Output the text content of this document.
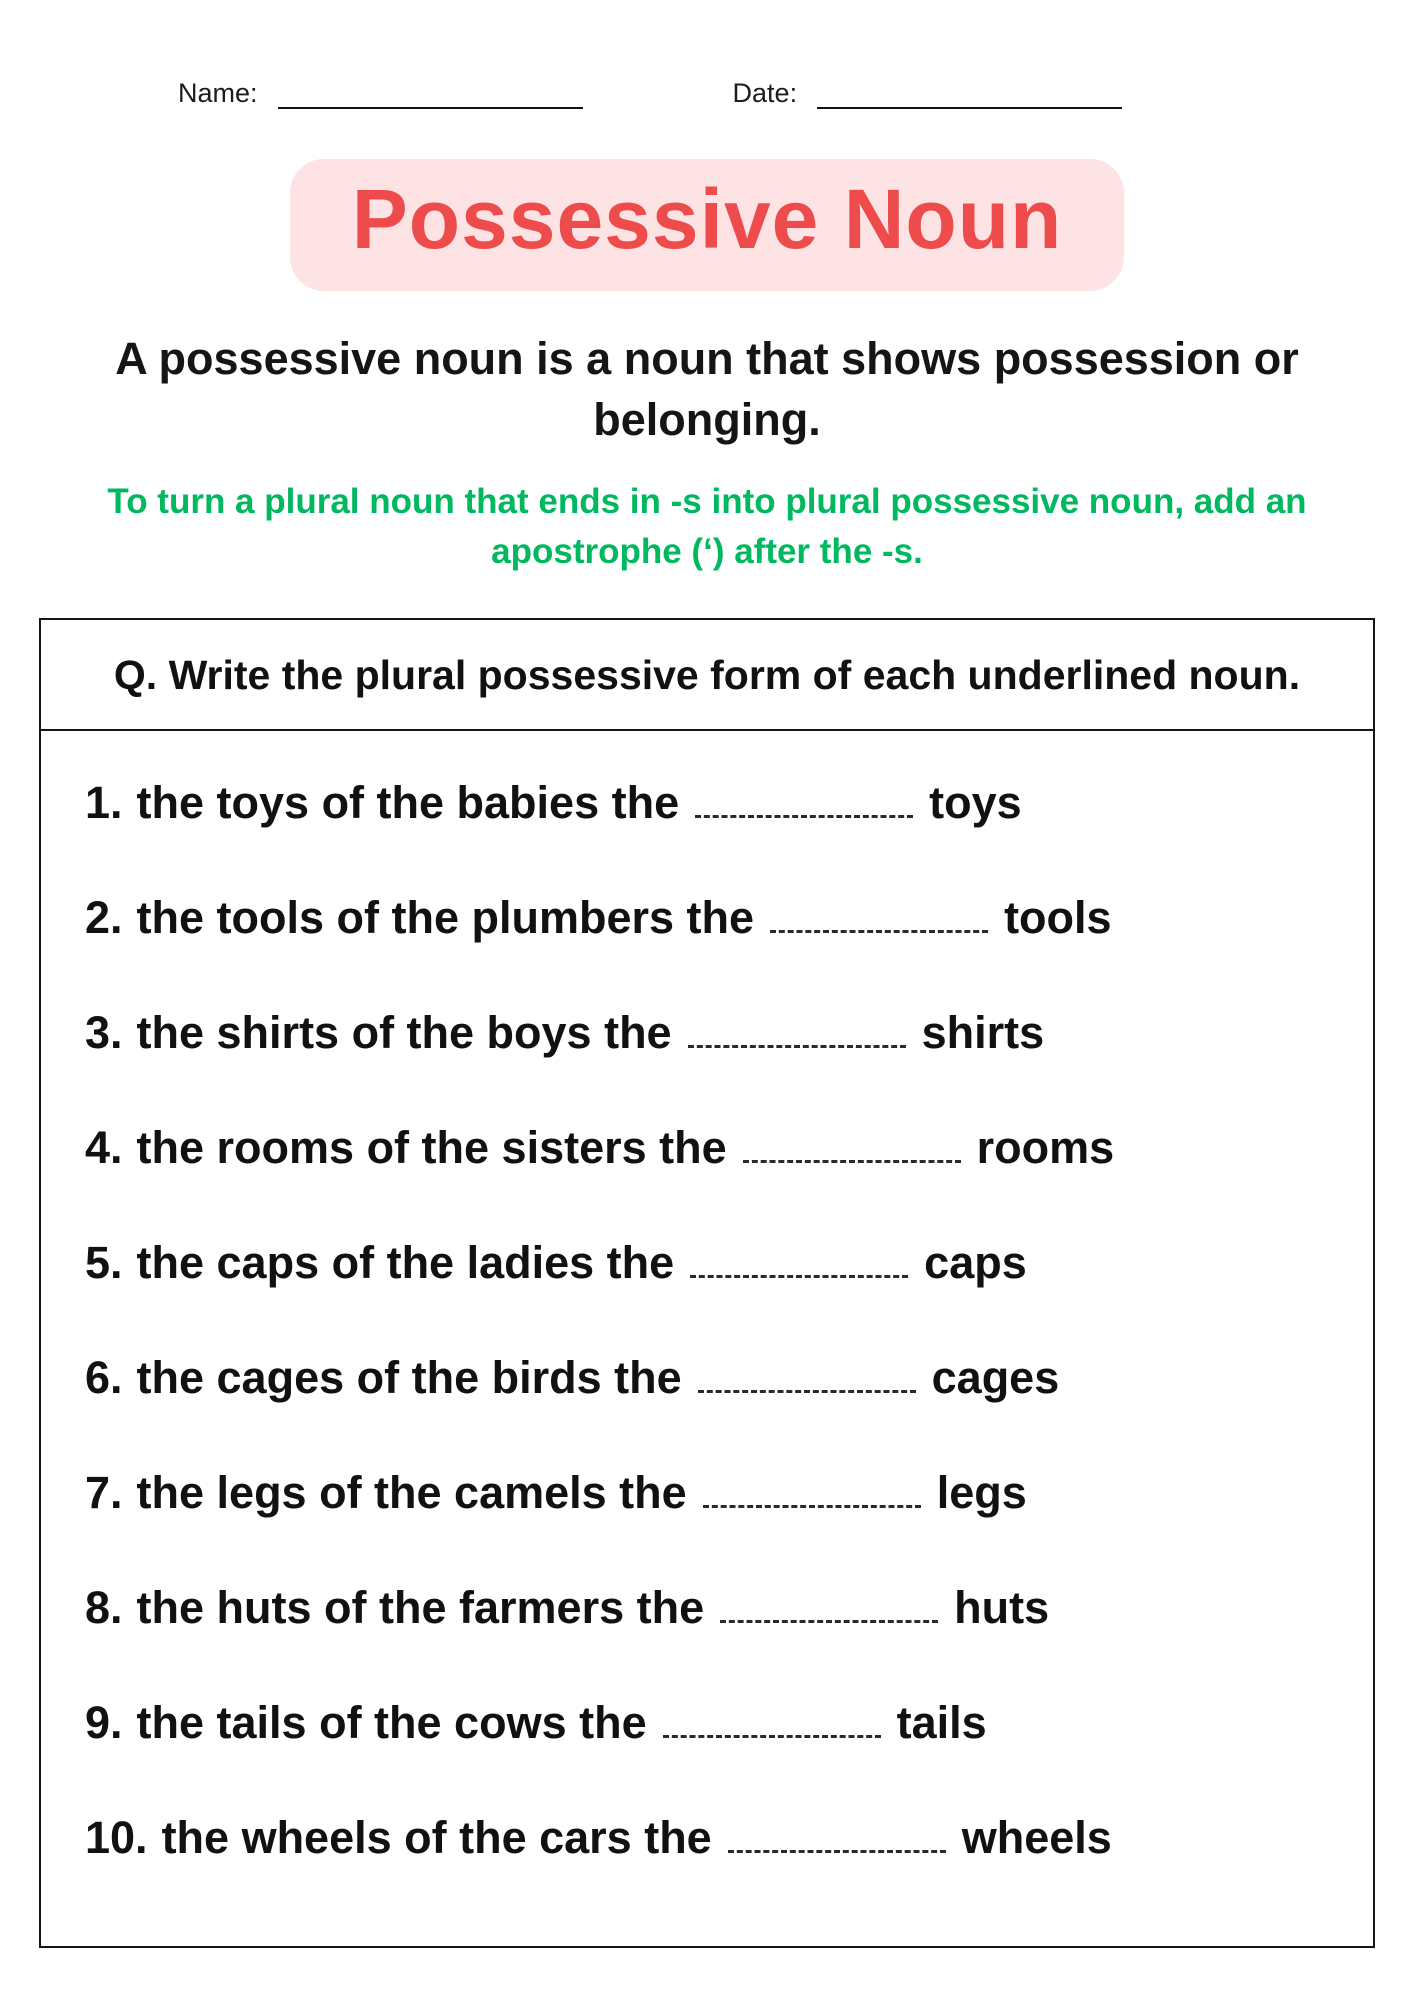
Name:	Date:
Possessive Noun
A possessive noun is a noun that shows possession or belonging.
To turn a plural noun that ends in -s into plural possessive noun, add an apostrophe (‘) after the -s.
Q. Write the plural possessive form of each underlined noun.
1. the toys of the babies the	toys
2. the tools of the plumbers the	tools
3. the shirts of the boys the	shirts
4. the rooms of the sisters the	rooms
5. the caps of the ladies the	caps
6. the cages of the birds the	cages
7. the legs of the camels the	legs
8. the huts of the farmers the	huts
9. the tails of the cows the	tails
10. the wheels of the cars the	wheels
